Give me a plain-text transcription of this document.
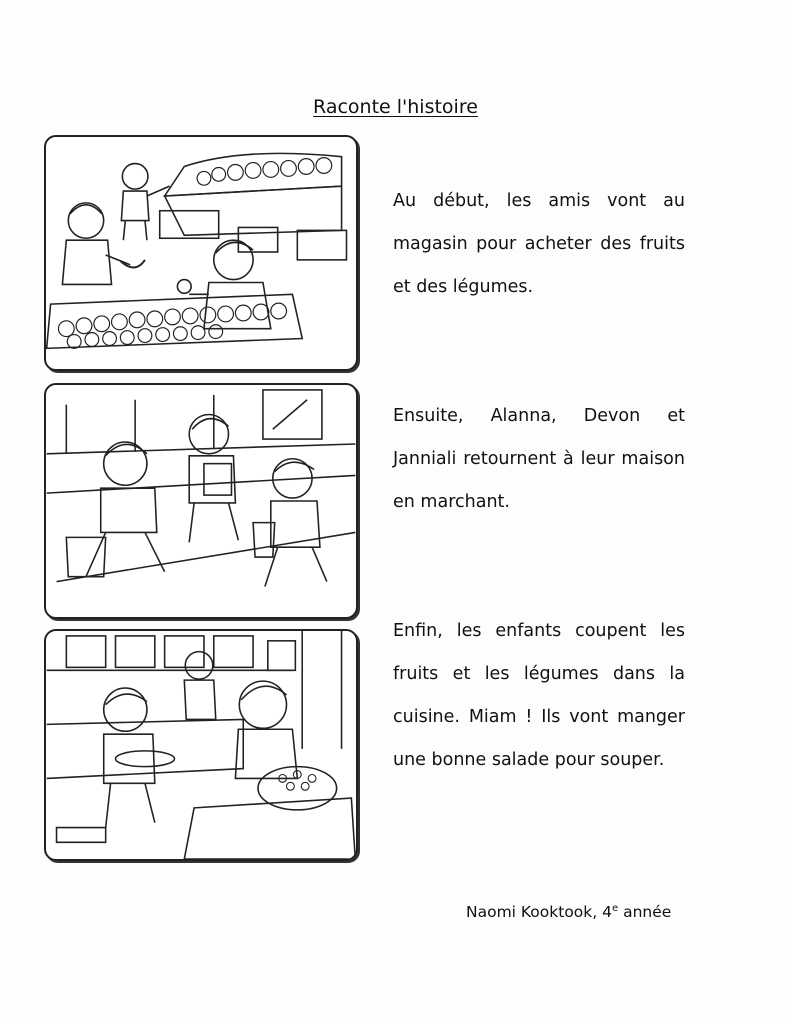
Raconte l'histoire
Au début, les amis vont au magasin pour acheter des fruits et des légumes.
Ensuite, Alanna, Devon et Janniali retournent à leur maison en marchant.
Enfin, les enfants coupent les fruits et les légumes dans la cuisine. Miam ! Ils vont manger une bonne salade pour souper.
Naomi Kooktook, 4e année
